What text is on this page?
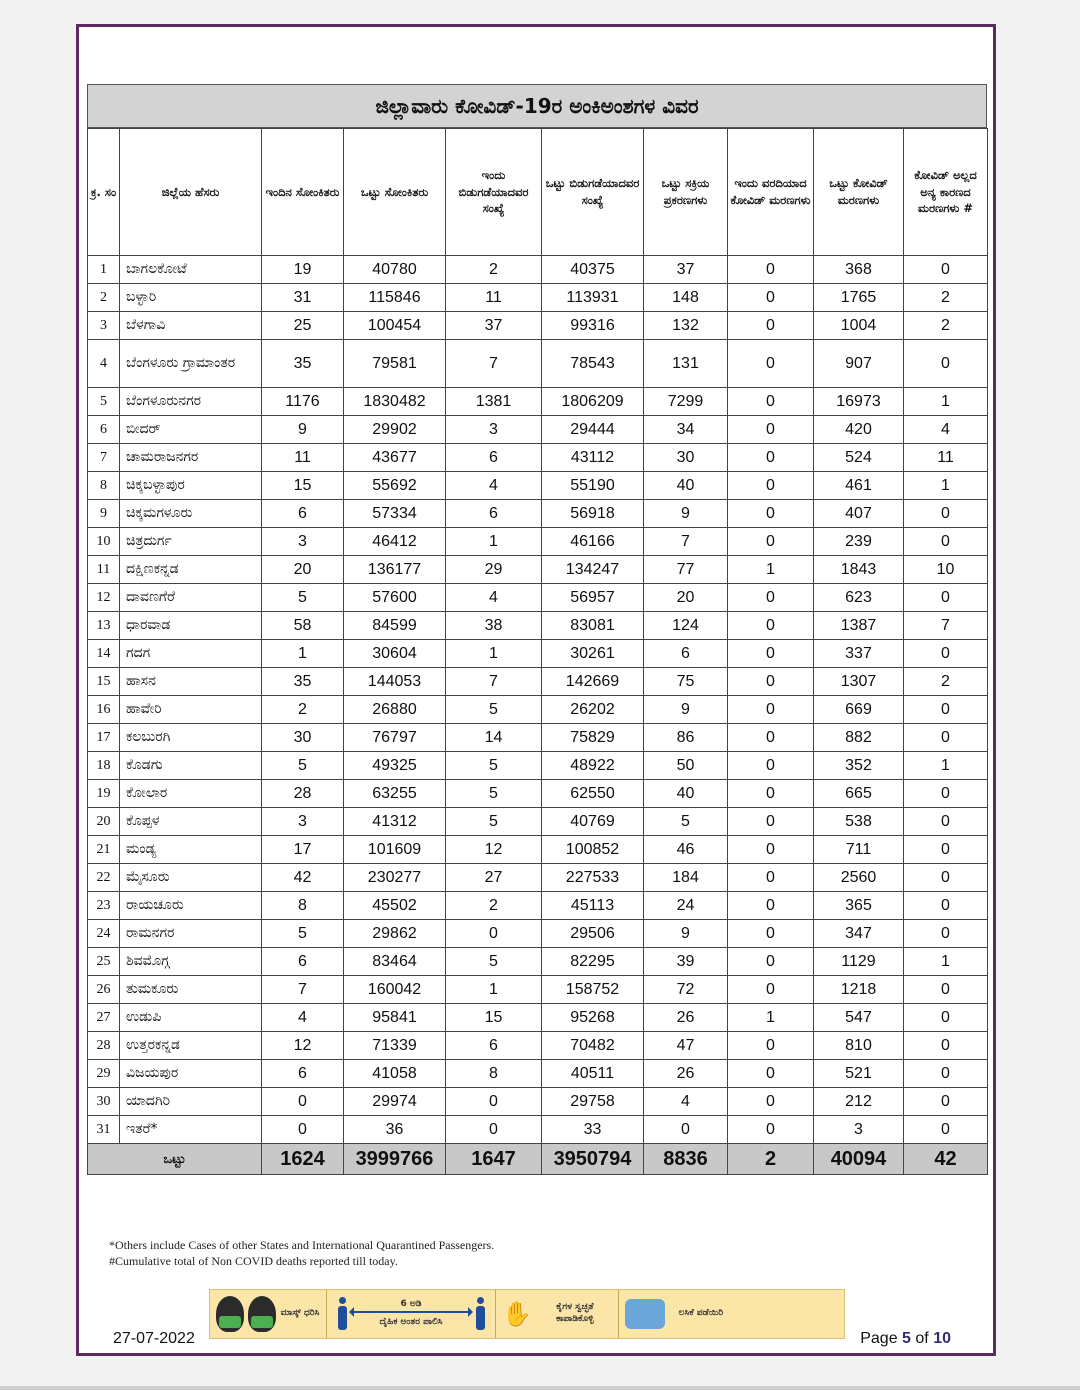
ಜಿಲ್ಲಾವಾರು ಕೋವಿಡ್-19ರ ಅಂಕಿಅಂಶಗಳ ವಿವರ
ಕ್ರ. ಸಂ	ಜಿಲ್ಲೆಯ ಹೆಸರು	ಇಂದಿನ ಸೋಂಕಿತರು	ಒಟ್ಟು ಸೋಂಕಿತರು	ಇಂದು ಬಿಡುಗಡೆಯಾದವರ ಸಂಖ್ಯೆ	ಒಟ್ಟು ಬಿಡುಗಡೆಯಾದವರ ಸಂಖ್ಯೆ	ಒಟ್ಟು ಸಕ್ರಿಯ ಪ್ರಕರಣಗಳು	ಇಂದು ವರದಿಯಾದ ಕೋವಿಡ್ ಮರಣಗಳು	ಒಟ್ಟು ಕೋವಿಡ್ ಮರಣಗಳು	ಕೋವಿಡ್ ಅಲ್ಲದ ಅನ್ಯ ಕಾರಣದ ಮರಣಗಳು #
1	ಬಾಗಲಕೋಟೆ	19	40780	2	40375	37	0	368	0
2	ಬಳ್ಳಾರಿ	31	115846	11	113931	148	0	1765	2
3	ಬೆಳಗಾವಿ	25	100454	37	99316	132	0	1004	2
4	ಬೆಂಗಳೂರು ಗ್ರಾಮಾಂತರ	35	79581	7	78543	131	0	907	0
5	ಬೆಂಗಳೂರುನಗರ	1176	1830482	1381	1806209	7299	0	16973	1
6	ಬೀದರ್	9	29902	3	29444	34	0	420	4
7	ಚಾಮರಾಜನಗರ	11	43677	6	43112	30	0	524	11
8	ಚಿಕ್ಕಬಳ್ಳಾಪುರ	15	55692	4	55190	40	0	461	1
9	ಚಿಕ್ಕಮಗಳೂರು	6	57334	6	56918	9	0	407	0
10	ಚಿತ್ರದುರ್ಗ	3	46412	1	46166	7	0	239	0
11	ದಕ್ಷಿಣಕನ್ನಡ	20	136177	29	134247	77	1	1843	10
12	ದಾವಣಗೆರೆ	5	57600	4	56957	20	0	623	0
13	ಧಾರವಾಡ	58	84599	38	83081	124	0	1387	7
14	ಗದಗ	1	30604	1	30261	6	0	337	0
15	ಹಾಸನ	35	144053	7	142669	75	0	1307	2
16	ಹಾವೇರಿ	2	26880	5	26202	9	0	669	0
17	ಕಲಬುರಗಿ	30	76797	14	75829	86	0	882	0
18	ಕೊಡಗು	5	49325	5	48922	50	0	352	1
19	ಕೋಲಾರ	28	63255	5	62550	40	0	665	0
20	ಕೊಪ್ಪಳ	3	41312	5	40769	5	0	538	0
21	ಮಂಡ್ಯ	17	101609	12	100852	46	0	711	0
22	ಮೈಸೂರು	42	230277	27	227533	184	0	2560	0
23	ರಾಯಚೂರು	8	45502	2	45113	24	0	365	0
24	ರಾಮನಗರ	5	29862	0	29506	9	0	347	0
25	ಶಿವಮೊಗ್ಗ	6	83464	5	82295	39	0	1129	1
26	ತುಮಕೂರು	7	160042	1	158752	72	0	1218	0
27	ಉಡುಪಿ	4	95841	15	95268	26	1	547	0
28	ಉತ್ತರಕನ್ನಡ	12	71339	6	70482	47	0	810	0
29	ವಿಜಯಪುರ	6	41058	8	40511	26	0	521	0
30	ಯಾದಗಿರಿ	0	29974	0	29758	4	0	212	0
31	ಇತರೆ*	0	36	0	33	0	0	3	0
ಒಟ್ಟು		1624	3999766	1647	3950794	8836	2	40094	42
*Others include Cases of other States and International Quarantined Passengers.
#Cumulative total of Non COVID deaths reported till today.
27-07-2022
ಮಾಸ್ಕ್ ಧರಿಸಿ
6 ಅಡಿ
ದೈಹಿಕ ಅಂತರ ಪಾಲಿಸಿ ✋	ಕೈಗಳ ಸ್ವಚ್ಛತೆ ಕಾಪಾಡಿಕೊಳ್ಳಿ
ಲಸಿಕೆ ಪಡೆಯಿರಿ
Page 5 of 10
